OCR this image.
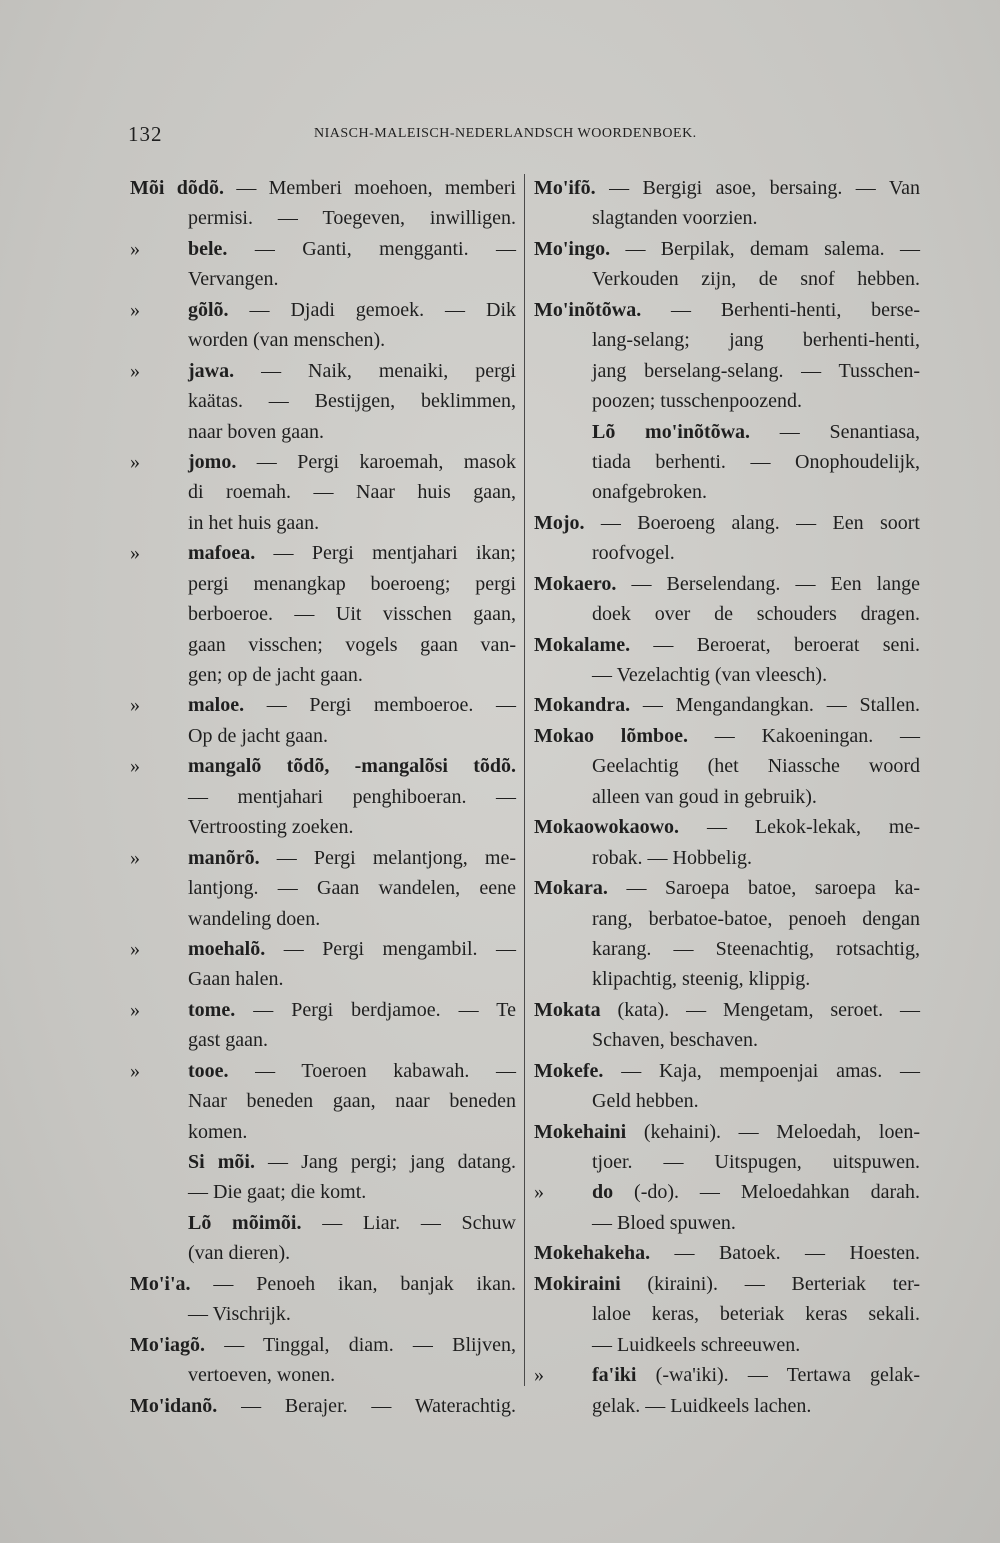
132	NIASCH-MALEISCH-NEDERLANDSCH WOORDENBOEK.
Mõi dõdõ. — Memberi moehoen, memberi
permisi. — Toegeven, inwilligen.
» bele. — Ganti, mengganti. —
Vervangen.
» gõlõ. — Djadi gemoek. — Dik
worden (van menschen).
» jawa. — Naik, menaiki, pergi
kaätas. — Bestijgen, beklimmen,
naar boven gaan.
» jomo. — Pergi karoemah, masok
di roemah. — Naar huis gaan,
in het huis gaan.
» mafoea. — Pergi mentjahari ikan;
pergi menangkap boeroeng; pergi
berboeroe. — Uit visschen gaan,
gaan visschen; vogels gaan van-
gen; op de jacht gaan.
» maloe. — Pergi memboeroe. —
Op de jacht gaan.
» mangalõ tõdõ, -mangalõsi tõdõ.
— mentjahari penghiboeran. —
Vertroosting zoeken.
» manõrõ. — Pergi melantjong, me-
lantjong. — Gaan wandelen, eene
wandeling doen.
» moehalõ. — Pergi mengambil. —
Gaan halen.
» tome. — Pergi berdjamoe. — Te
gast gaan.
» tooe. — Toeroen kabawah. —
Naar beneden gaan, naar beneden
komen.
Si mõi. — Jang pergi; jang datang.
— Die gaat; die komt.
Lõ mõimõi. — Liar. — Schuw
(van dieren).
Mo'i'a. — Penoeh ikan, banjak ikan.
— Vischrijk.
Mo'iagõ. — Tinggal, diam. — Blijven,
vertoeven, wonen.
Mo'idanõ. — Berajer. — Waterachtig.
Mo'ifõ. — Bergigi asoe, bersaing. — Van
slagtanden voorzien.
Mo'ingo. — Berpilak, demam salema. —
Verkouden zijn, de snof hebben.
Mo'inõtõwa. — Berhenti-henti, berse-
lang-selang; jang berhenti-henti,
jang berselang-selang. — Tusschen-
poozen; tusschenpoozend.
Lõ mo'inõtõwa. — Senantiasa,
tiada berhenti. — Onophoudelijk,
onafgebroken.
Mojo. — Boeroeng alang. — Een soort
roofvogel.
Mokaero. — Berselendang. — Een lange
doek over de schouders dragen.
Mokalame. — Beroerat, beroerat seni.
— Vezelachtig (van vleesch).
Mokandra. — Mengandangkan. — Stallen.
Mokao lõmboe. — Kakoeningan. —
Geelachtig (het Niassche woord
alleen van goud in gebruik).
Mokaowokaowo. — Lekok-lekak, me-
robak. — Hobbelig.
Mokara. — Saroepa batoe, saroepa ka-
rang, berbatoe-batoe, penoeh dengan
karang. — Steenachtig, rotsachtig,
klipachtig, steenig, klippig.
Mokata (kata). — Mengetam, seroet. —
Schaven, beschaven.
Mokefe. — Kaja, mempoenjai amas. —
Geld hebben.
Mokehaini (kehaini). — Meloedah, loen-
tjoer. — Uitspugen, uitspuwen.
» do (-do). — Meloedahkan darah.
— Bloed spuwen.
Mokehakeha. — Batoek. — Hoesten.
Mokiraini (kiraini). — Berteriak ter-
laloe keras, beteriak keras sekali.
— Luidkeels schreeuwen.
» fa'iki (-wa'iki). — Tertawa gelak-
gelak. — Luidkeels lachen.
